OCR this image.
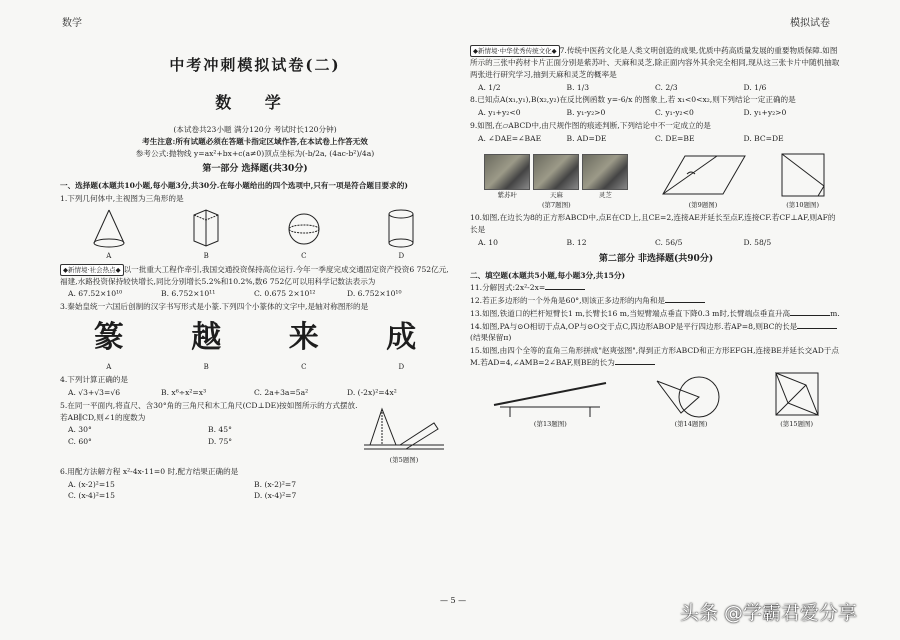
数学	模拟试卷
中考冲刺模拟试卷(二)
数 学
(本试卷共23小题 满分120分 考试时长120分钟)
考生注意:所有试题必须在答题卡指定区域作答,在本试卷上作答无效
参考公式:抛物线 y=ax²+bx+c(a≠0)顶点坐标为(-b/2a, (4ac-b²)/4a)
第一部分 选择题(共30分)
一、选择题(本题共10小题,每小题3分,共30分.在每小题给出的四个选项中,只有一项是符合题目要求的)
1.下列几何体中,主视图为三角形的是
A	B	C	D
◆新情境·社会热点◆ 以一批重大工程作牵引,我国交通投资保持高位运行.今年一季度完成交通固定资产投资6 752亿元,福建,水路投资保持较快增长,同比分别增长5.2%和10.2%,数6 752亿可以用科学记数法表示为
A. 67.52×10¹⁰	B. 6.752×10¹¹	C. 0.675 2×10¹²	D. 6.752×10¹⁰
3.秦始皇统一六国后创制的汉字书写形式是小篆.下列四个小篆体的文字中,是轴对称图形的是
篆
A
越
B
来
C
成
D
4.下列计算正确的是
A. √3+√3=√6	B. x⁶÷x²=x³	C. 2a+3a=5a²	D. (-2x)²=4x²
5.在同一平面内,将直尺、含30°角的三角尺和木工角尺(CD⊥DE)按如图所示的方式摆放.若AB∥CD,则∠1的度数为
A. 30°	B. 45°
C. 60°	D. 75°
(第5题图)
6.用配方法解方程 x²-4x-11=0 时,配方结果正确的是
A. (x-2)²=15	B. (x-2)²=7
C. (x-4)²=15	D. (x-4)²=7
◆新情境·中华优秀传统文化◆ 7.传统中医药文化是人类文明创造的成果,优质中药高质量发展的重要物质保障.如图所示的三张中药材卡片正面分别是紫苏叶、天麻和灵芝,除正面内容外其余完全相同,现从这三张卡片中随机抽取两张进行研究学习,抽到天麻和灵芝的概率是
A. 1/2	B. 1/3	C. 2/3	D. 1/6
8.已知点A(x₁,y₁),B(x₂,y₂)在反比例函数 y=-6/x 的图象上,若 x₁<0<x₂,则下列结论一定正确的是
A. y₁+y₂<0	B. y₁-y₂>0	C. y₁-y₂<0	D. y₁+y₂>0
9.如图,在▱ABCD中,由尺规作图的痕迹判断,下列结论中不一定成立的是
A. ∠DAE=∠BAE	B. AD=DE	C. DE=BE	D. BC=DE
紫苏叶	天麻	灵芝
(第7题图)	(第9题图)	(第10题图)
10.如图,在边长为8的正方形ABCD中,点E在CD上,且CE=2,连接AE并延长至点F,连接CF.若CF⊥AF,则AF的长是
A. 10	B. 12	C. 56/5	D. 58/5
第二部分 非选择题(共90分)
二、填空题(本题共5小题,每小题3分,共15分)
11.分解因式:2x²-2x=
12.若正多边形的一个外角是60°,则该正多边形的内角和是
13.如图,铁道口的栏杆短臂长1 m,长臂长16 m,当短臂端点垂直下降0.3 m时,长臂端点垂直升高	m.
14.如图,PA与⊙O相切于点A,OP与⊙O交于点C,四边形ABOP是平行四边形.若AP=8,则BC的长是(结果保留π)
15.如图,由四个全等的直角三角形拼成"赵爽弦图",得到正方形ABCD和正方形EFGH,连接BE并延长交AD于点M.若AD=4,∠AMB=2∠BAF,则BE的长为
(第13题图)	(第14题图)	(第15题图)
— 5 —
头条 @学霸君爱分享
